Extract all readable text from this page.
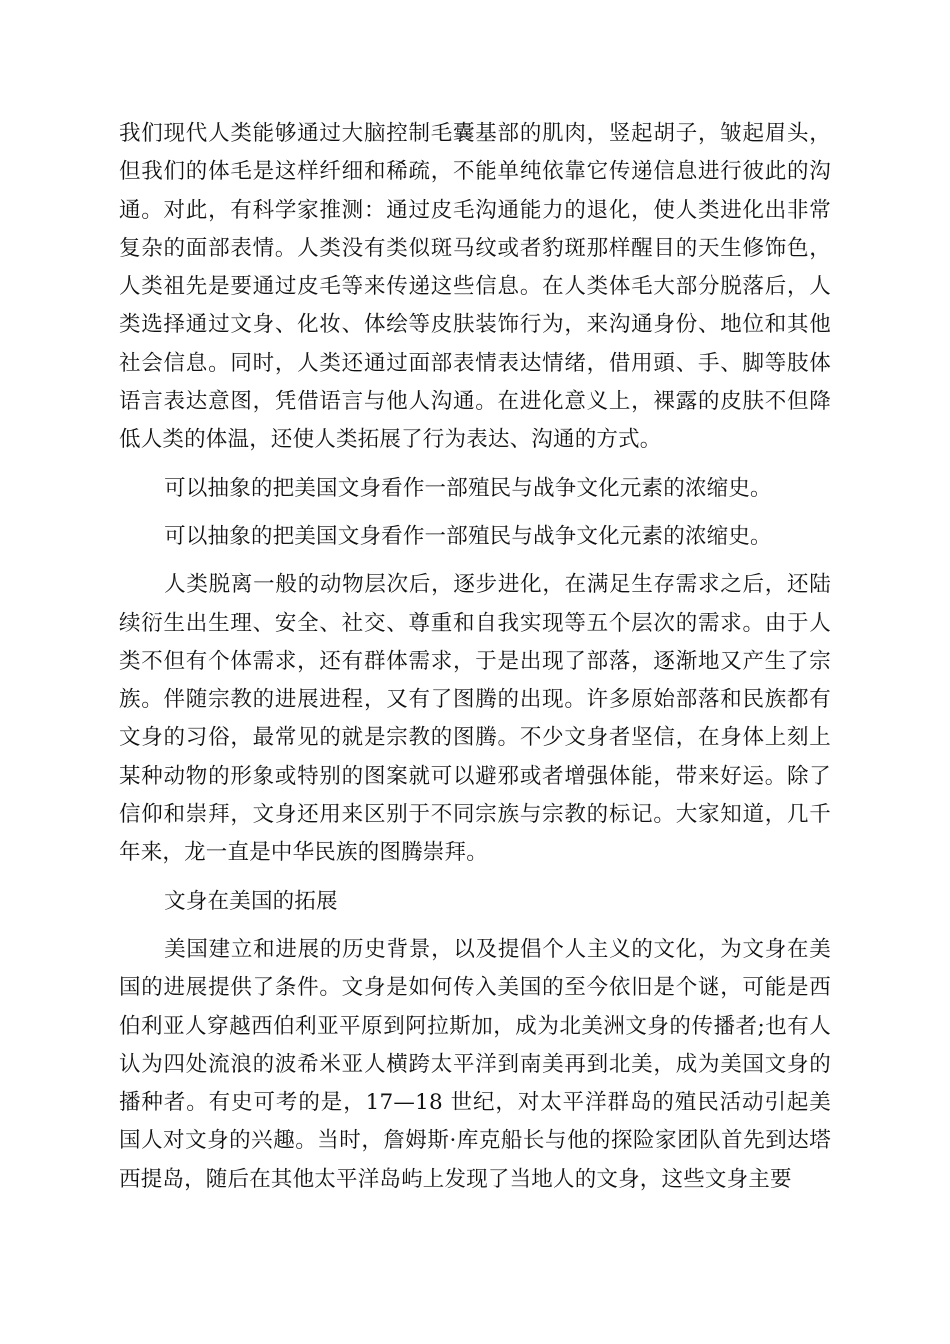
我们现代人类能够通过大脑控制毛囊基部的肌肉，竖起胡子，皱起眉头，但我们的体毛是这样纤细和稀疏，不能单纯依靠它传递信息进行彼此的沟通。对此，有科学家推测：通过皮毛沟通能力的退化，使人类进化出非常复杂的面部表情。人类没有类似斑马纹或者豹斑那样醒目的天生修饰色，人类祖先是要通过皮毛等来传递这些信息。在人类体毛大部分脱落后，人类选择通过文身、化妆、体绘等皮肤装饰行为，来沟通身份、地位和其他社会信息。同时，人类还通过面部表情表达情绪，借用頭、手、脚等肢体语言表达意图，凭借语言与他人沟通。在进化意义上，裸露的皮肤不但降低人类的体温，还使人类拓展了行为表达、沟通的方式。

可以抽象的把美国文身看作一部殖民与战争文化元素的浓缩史。

可以抽象的把美国文身看作一部殖民与战争文化元素的浓缩史。

人类脱离一般的动物层次后，逐步进化，在满足生存需求之后，还陆续衍生出生理、安全、社交、尊重和自我实现等五个层次的需求。由于人类不但有个体需求，还有群体需求，于是出现了部落，逐渐地又产生了宗族。伴随宗教的进展进程，又有了图腾的出现。许多原始部落和民族都有文身的习俗，最常见的就是宗教的图腾。不少文身者坚信，在身体上刻上某种动物的形象或特别的图案就可以避邪或者增强体能，带来好运。除了信仰和崇拜，文身还用来区别于不同宗族与宗教的标记。大家知道，几千年来，龙一直是中华民族的图腾崇拜。

文身在美国的拓展

美国建立和进展的历史背景，以及提倡个人主义的文化，为文身在美国的进展提供了条件。文身是如何传入美国的至今依旧是个谜，可能是西伯利亚人穿越西伯利亚平原到阿拉斯加，成为北美洲文身的传播者;也有人认为四处流浪的波希米亚人横跨太平洋到南美再到北美，成为美国文身的播种者。有史可考的是，17—18 世纪，对太平洋群岛的殖民活动引起美国人对文身的兴趣。当时，詹姆斯·库克船长与他的探险家团队首先到达塔西提岛，随后在其他太平洋岛屿上发现了当地人的文身，这些文身主要
